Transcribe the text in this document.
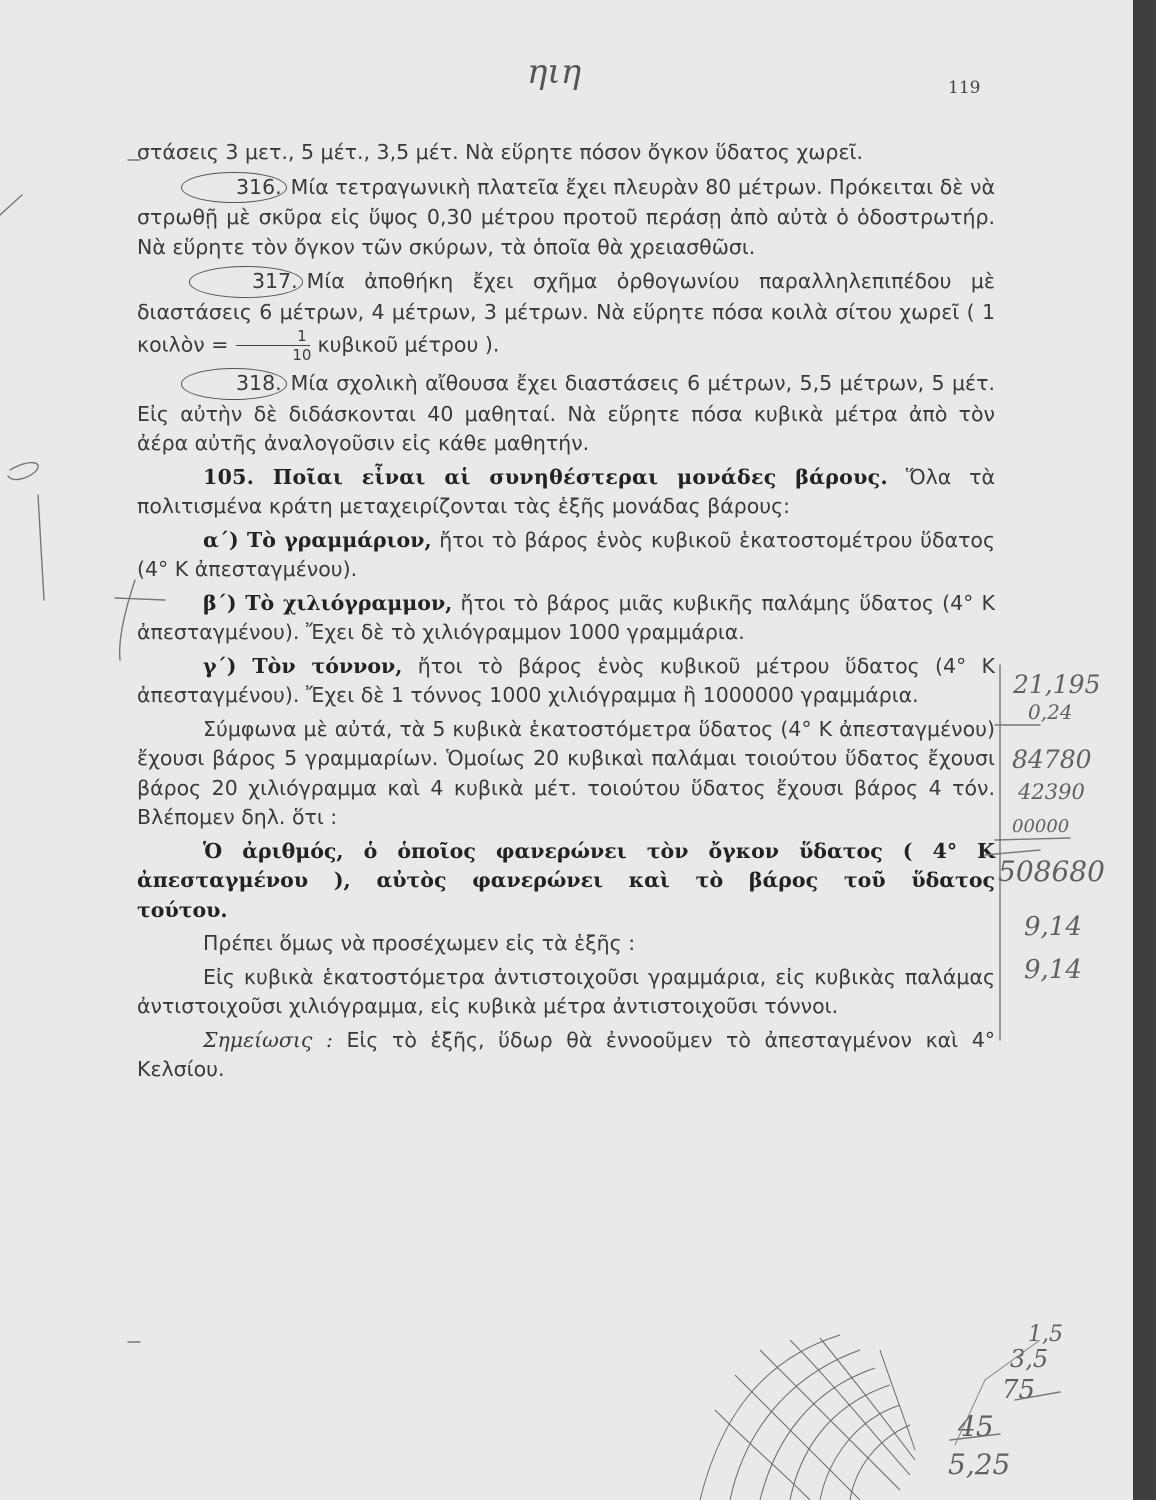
119
ηιη

στάσεις 3 μετ., 5 μέτ., 3,5 μέτ. Νὰ εὕρητε πόσον ὄγκον ὕδατος χωρεῖ.

316. Μία τετραγωνικὴ πλατεῖα ἔχει πλευρὰν 80 μέτρων. Πρόκειται δὲ νὰ στρωθῇ μὲ σκῦρα εἰς ὕψος 0,30 μέτρου προτοῦ περάσῃ ἀπὸ αὐτὰ ὁ ὁδοστρωτήρ. Νὰ εὕρητε τὸν ὄγκον τῶν σκύρων, τὰ ὁποῖα θὰ χρειασθῶσι.

317. Μία ἀποθήκη ἔχει σχῆμα ὀρθογωνίου παραλληλεπιπέδου μὲ διαστάσεις 6 μέτρων, 4 μέτρων, 3 μέτρων. Νὰ εὕρητε πόσα κοιλὰ σίτου χωρεῖ ( 1 κοιλὸν = $\frac{1}{10}$ κυβικοῦ μέτρου ).

318. Μία σχολικὴ αἴθουσα ἔχει διαστάσεις 6 μέτρων, 5,5 μέτρων, 5 μέτ. Εἰς αὐτὴν δὲ διδάσκονται 40 μαθηταί. Νὰ εὕρητε πόσα κυβικὰ μέτρα ἀπὸ τὸν ἀέρα αὐτῆς ἀναλογοῦσιν εἰς κάθε μαθητήν.

105. Ποῖαι εἶναι αἱ συνηθέστεραι μονάδες βάρους. Ὅλα τὰ πολιτισμένα κράτη μεταχειρίζονται τὰς ἑξῆς μονάδας βάρους:

α΄) Τὸ γραμμάριον, ἤτοι τὸ βάρος ἑνὸς κυβικοῦ ἑκατοστομέτρου ὕδατος (4° Κ ἀπεσταγμένου).

β΄) Τὸ χιλιόγραμμον, ἤτοι τὸ βάρος μιᾶς κυβικῆς παλάμης ὕδατος (4° Κ ἀπεσταγμένου). Ἔχει δὲ τὸ χιλιόγραμμον 1000 γραμμάρια.

γ΄) Τὸν τόννον, ἤτοι τὸ βάρος ἑνὸς κυβικοῦ μέτρου ὕδατος (4° Κ ἀπεσταγμένου). Ἔχει δὲ 1 τόννος 1000 χιλιόγραμμα ἢ 1000000 γραμμάρια.

Σύμφωνα μὲ αὐτά, τὰ 5 κυβικὰ ἑκατοστόμετρα ὕδατος (4° Κ ἀπεσταγμένου) ἔχουσι βάρος 5 γραμμαρίων. Ὁμοίως 20 κυβικαὶ παλάμαι τοιούτου ὕδατος ἔχουσι βάρος 20 χιλιόγραμμα καὶ 4 κυβικὰ μέτ. τοιούτου ὕδατος ἔχουσι βάρος 4 τόν. Βλέπομεν δηλ. ὅτι :

Ὁ ἀριθμός, ὁ ὁποῖος φανερώνει τὸν ὄγκον ὕδατος ( 4° Κ

ἀπεσταγμένου ), αὐτὸς φανερώνει καὶ τὸ βάρος τοῦ ὕδατος

τούτου.

Πρέπει ὅμως νὰ προσέχωμεν εἰς τὰ ἑξῆς :

Εἰς κυβικὰ ἑκατοστόμετρα ἀντιστοιχοῦσι γραμμάρια, εἰς κυβικὰς παλάμας ἀντιστοιχοῦσι χιλιόγραμμα, εἰς κυβικὰ μέτρα ἀντιστοιχοῦσι τόννοι.

Σημείωσις : Εἰς τὸ ἑξῆς, ὕδωρ θὰ ἐννοοῦμεν τὸ ἀπεσταγμένον καὶ 4° Κελσίου.

21,195
0,24
84780
42390
00000
508680
9,14
9,14
1,5
3,5
75
45
5,25
